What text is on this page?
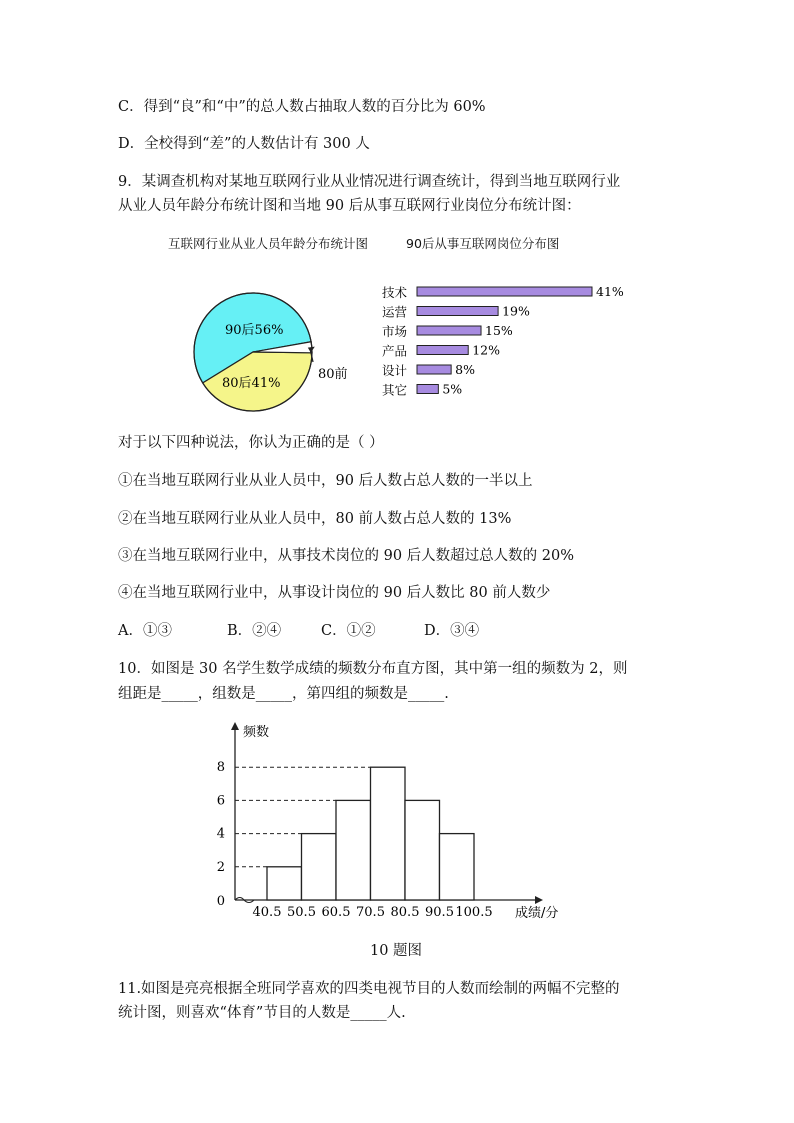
C．得到“良”和“中”的总人数占抽取人数的百分比为 60%
D．全校得到“差”的人数估计有 300 人
9．某调查机构对某地互联网行业从业情况进行调查统计，得到当地互联网行业
从业人员年龄分布统计图和当地 90 后从事互联网行业岗位分布统计图：
互联网行业从业人员年龄分布统计图	90后从事互联网岗位分布图
90后56%
80后41%
80前
技术	41%
运营	19%
市场	15%
产品	12%
设计	8%
其它	5%
对于以下四种说法，你认为正确的是（ ）
①在当地互联网行业从业人员中，90 后人数占总人数的一半以上
②在当地互联网行业从业人员中，80 前人数占总人数的 13%
③在当地互联网行业中，从事技术岗位的 90 后人数超过总人数的 20%
④在当地互联网行业中，从事设计岗位的 90 后人数比 80 前人数少
A．①③	B．②④	C．①②	D．③④
10．如图是 30 名学生数学成绩的频数分布直方图，其中第一组的频数为 2，则
组距是_____，组数是_____，第四组的频数是_____.
频数
成绩/分
0
2
4
6
8
40.5 50.5 60.5 70.5 80.5 90.5 100.5
10 题图
11.如图是亮亮根据全班同学喜欢的四类电视节目的人数而绘制的两幅不完整的
统计图，则喜欢“体育”节目的人数是_____人.
